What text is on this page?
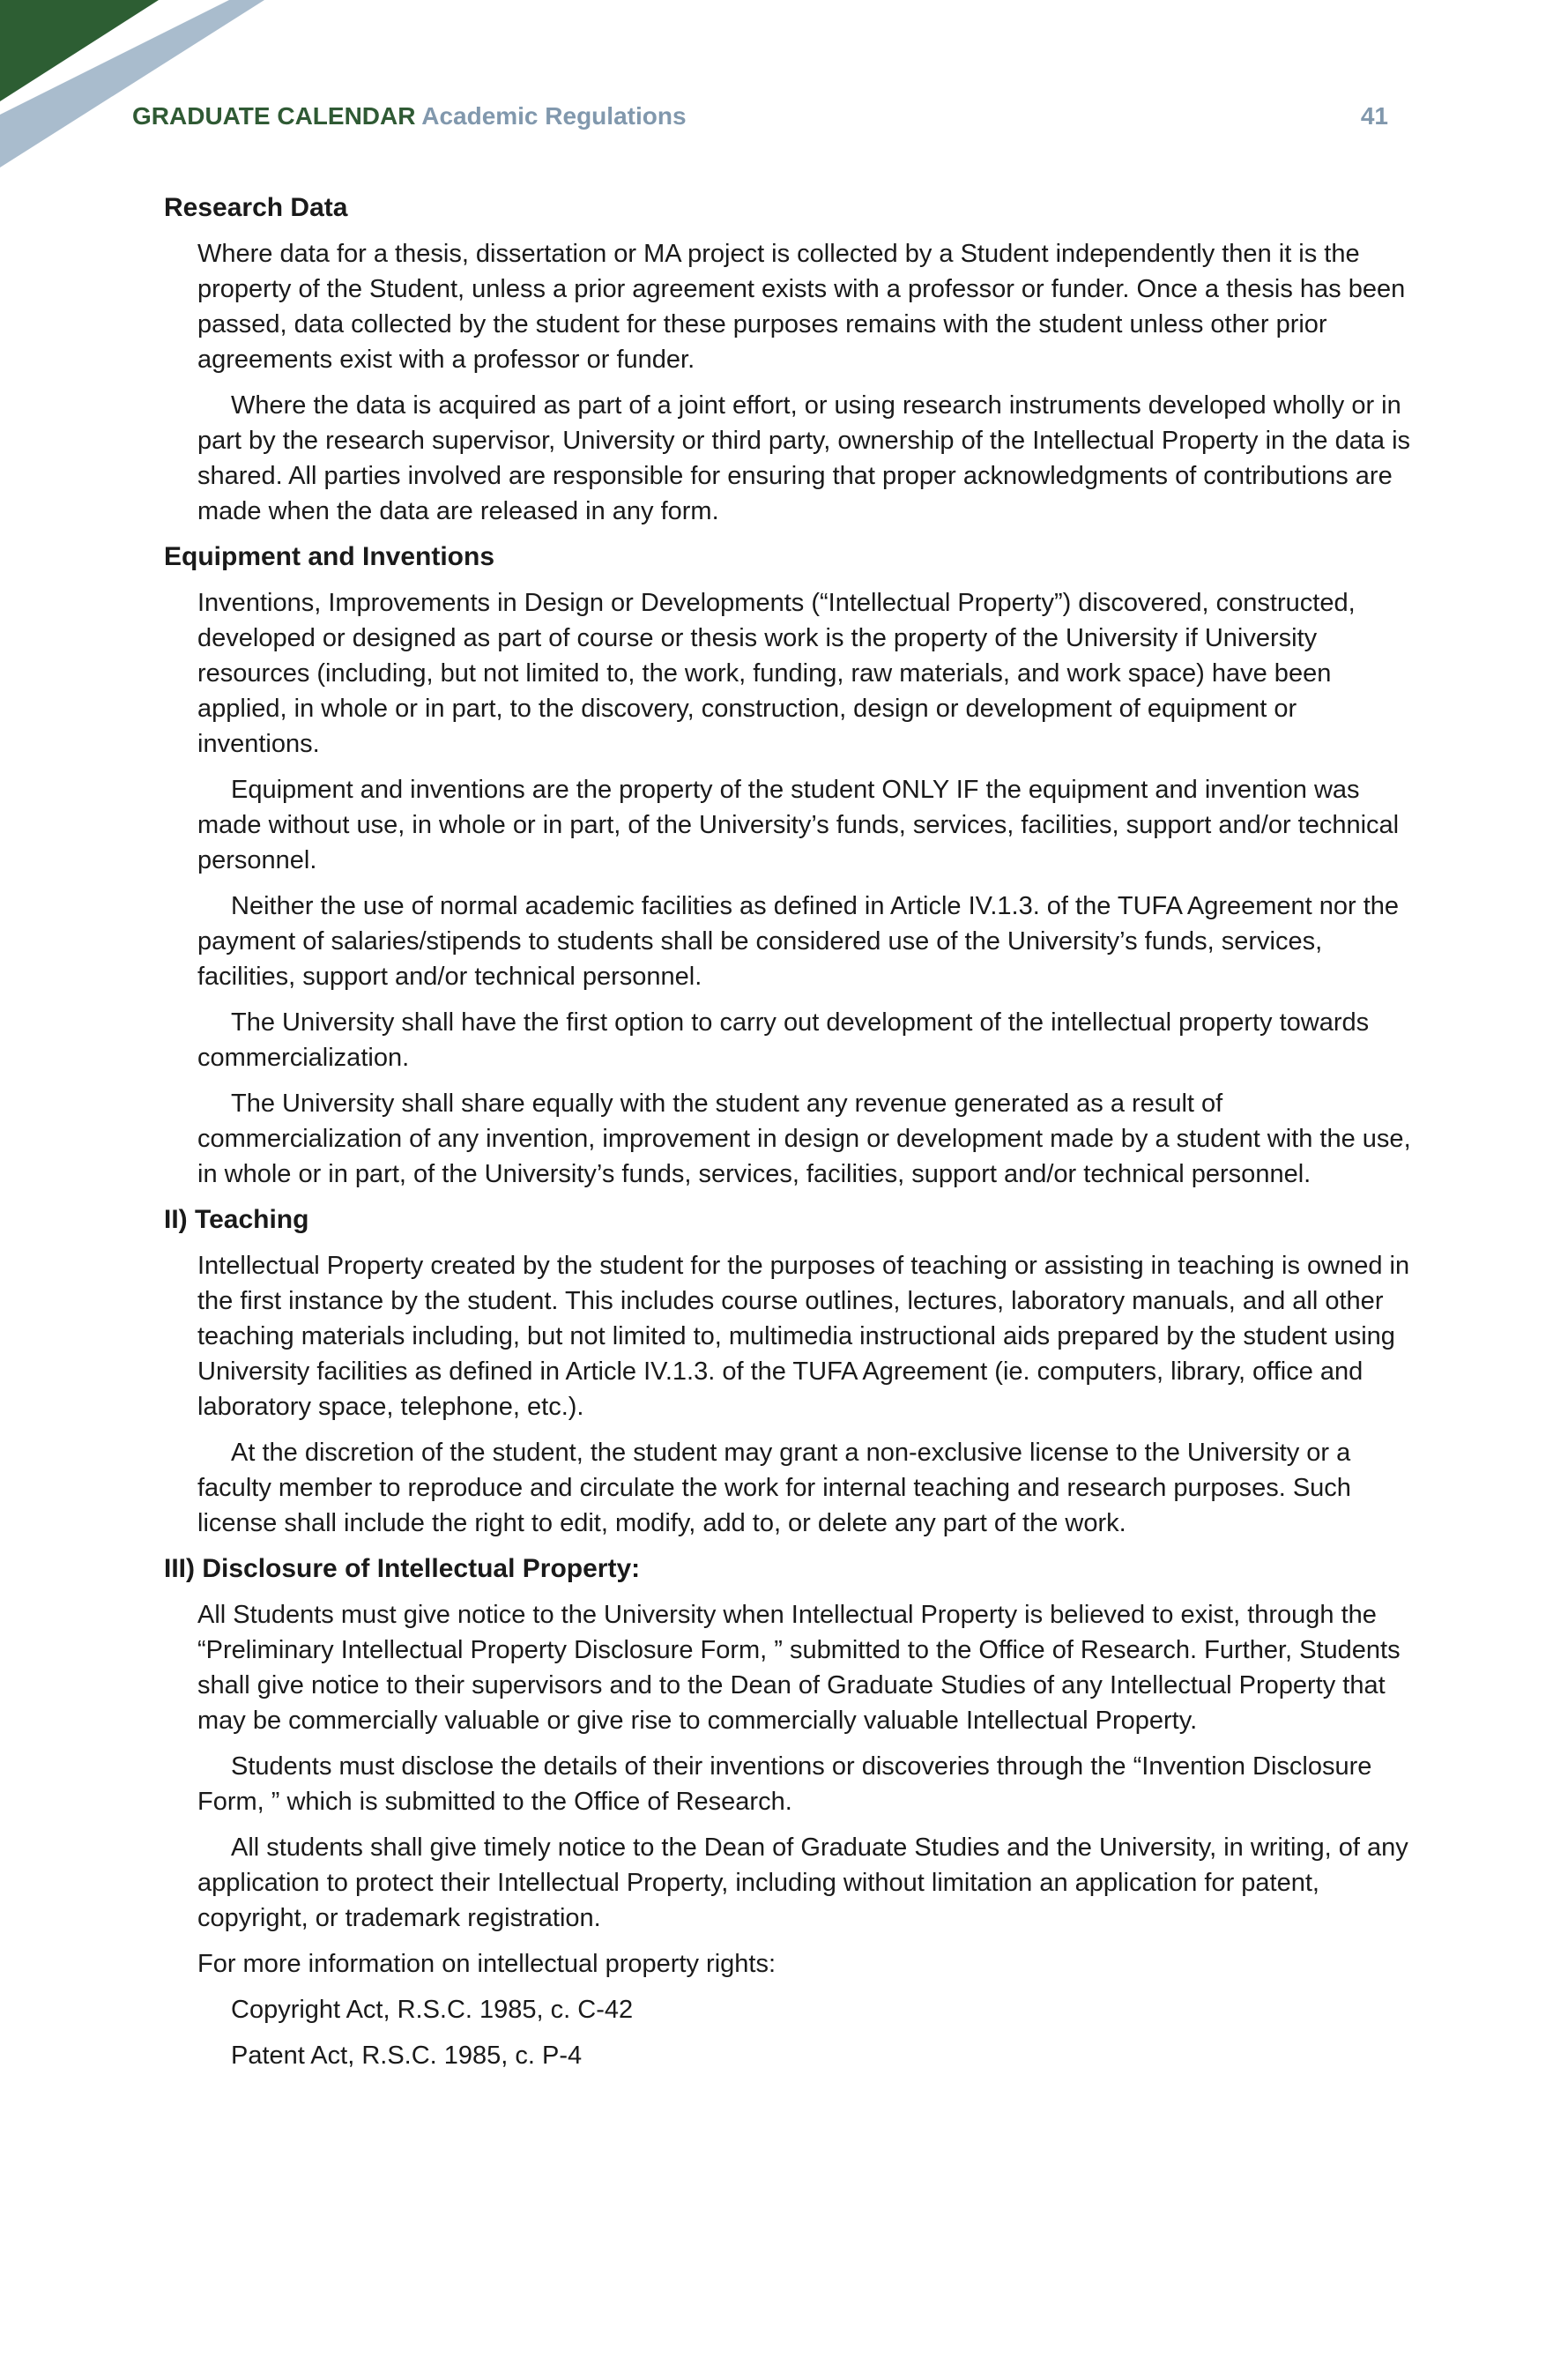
GRADUATE CALENDAR Academic Regulations	41
Research Data
Where data for a thesis, dissertation or MA project is collected by a Student independently then it is the property of the Student, unless a prior agreement exists with a professor or funder. Once a thesis has been passed, data collected by the student for these purposes remains with the student unless other prior agreements exist with a professor or funder.
Where the data is acquired as part of a joint effort, or using research instruments developed wholly or in part by the research supervisor, University or third party, ownership of the Intellectual Property in the data is shared. All parties involved are responsible for ensuring that proper acknowledgments of contributions are made when the data are released in any form.
Equipment and Inventions
Inventions, Improvements in Design or Developments (“Intellectual Property”) discovered, constructed, developed or designed as part of course or thesis work is the property of the University if University resources (including, but not limited to, the work, funding, raw materials, and work space) have been applied, in whole or in part, to the discovery, construction, design or development of equipment or inventions.
Equipment and inventions are the property of the student ONLY IF the equipment and invention was made without use, in whole or in part, of the University’s funds, services, facilities, support and/or technical personnel.
Neither the use of normal academic facilities as defined in Article IV.1.3. of the TUFA Agreement nor the payment of salaries/stipends to students shall be considered use of the University’s funds, services, facilities, support and/or technical personnel.
The University shall have the first option to carry out development of the intellectual property towards commercialization.
The University shall share equally with the student any revenue generated as a result of commercialization of any invention, improvement in design or development made by a student with the use, in whole or in part, of the University’s funds, services, facilities, support and/or technical personnel.
II) Teaching
Intellectual Property created by the student for the purposes of teaching or assisting in teaching is owned in the first instance by the student. This includes course outlines, lectures, laboratory manuals, and all other teaching materials including, but not limited to, multimedia instructional aids prepared by the student using University facilities as defined in Article IV.1.3. of the TUFA Agreement (ie. computers, library, office and laboratory space, telephone, etc.).
At the discretion of the student, the student may grant a non-exclusive license to the University or a faculty member to reproduce and circulate the work for internal teaching and research purposes. Such license shall include the right to edit, modify, add to, or delete any part of the work.
III) Disclosure of Intellectual Property:
All Students must give notice to the University when Intellectual Property is believed to exist, through the “Preliminary Intellectual Property Disclosure Form, ” submitted to the Office of Research. Further, Students shall give notice to their supervisors and to the Dean of Graduate Studies of any Intellectual Property that may be commercially valuable or give rise to commercially valuable Intellectual Property.
Students must disclose the details of their inventions or discoveries through the “Invention Disclosure Form, ” which is submitted to the Office of Research.
All students shall give timely notice to the Dean of Graduate Studies and the University, in writing, of any application to protect their Intellectual Property, including without limitation an application for patent, copyright, or trademark registration.
For more information on intellectual property rights:
Copyright Act, R.S.C. 1985, c. C-42
Patent Act, R.S.C. 1985, c. P-4
